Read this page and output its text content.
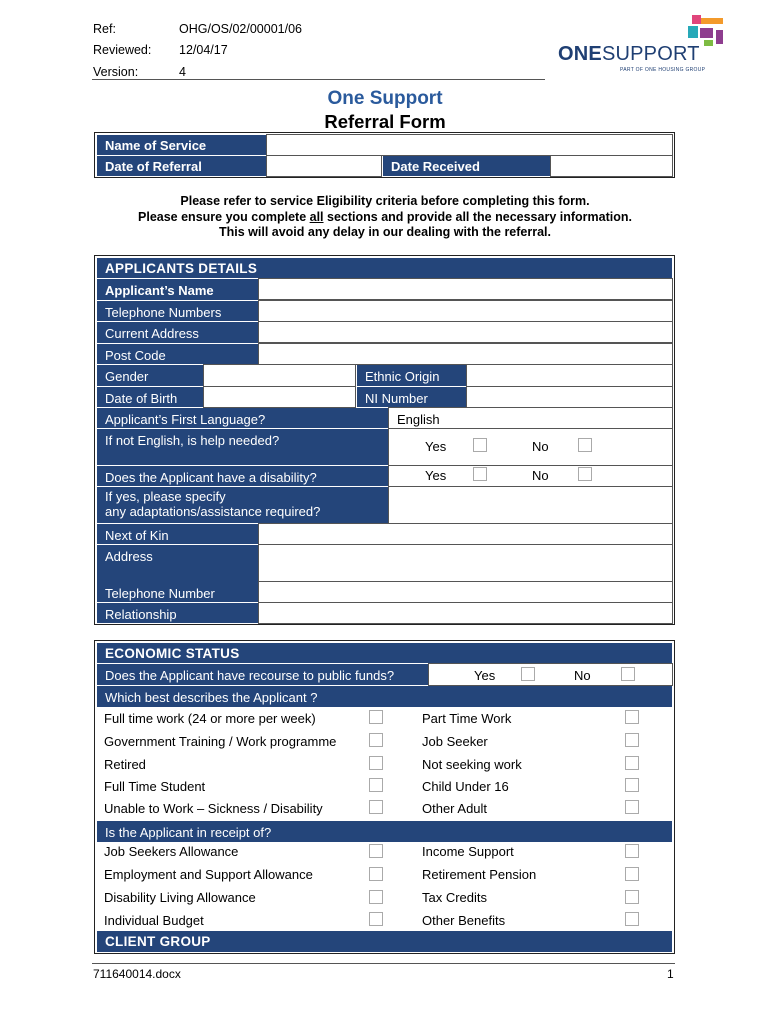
Ref:	OHG/OS/02/00001/06
Reviewed: 12/04/17
Version:	4
ONESUPPORT
PART OF ONE HOUSING GROUP
One Support
Referral Form
Name of Service
Date of Referral	Date Received
Please refer to service Eligibility criteria before completing this form.
Please ensure you complete all sections and provide all the necessary information.
This will avoid any delay in our dealing with the referral.
APPLICANTS DETAILS
Applicant’s Name
Telephone Numbers
Current Address
Post Code
Gender	Ethnic Origin
Date of Birth	NI Number
Applicant’s First Language?	English
If not English, is help needed?	Yes	No
Does the Applicant have a disability?	Yes	No
If yes, please specify
any adaptations/assistance required?
Next of Kin
Address
Telephone Number
Relationship
ECONOMIC STATUS
Does the Applicant have recourse to public funds?	Yes	No
Which best describes the Applicant ?
Full time work (24 or more per week)	Part Time Work
Government Training / Work programme	Job Seeker
Retired	Not seeking work
Full Time Student	Child Under 16
Unable to Work – Sickness / Disability	Other Adult
Is the Applicant in receipt of?
Job Seekers Allowance	Income Support
Employment and Support Allowance	Retirement Pension
Disability Living Allowance	Tax Credits
Individual Budget	Other Benefits
CLIENT GROUP
711640014.docx	1
